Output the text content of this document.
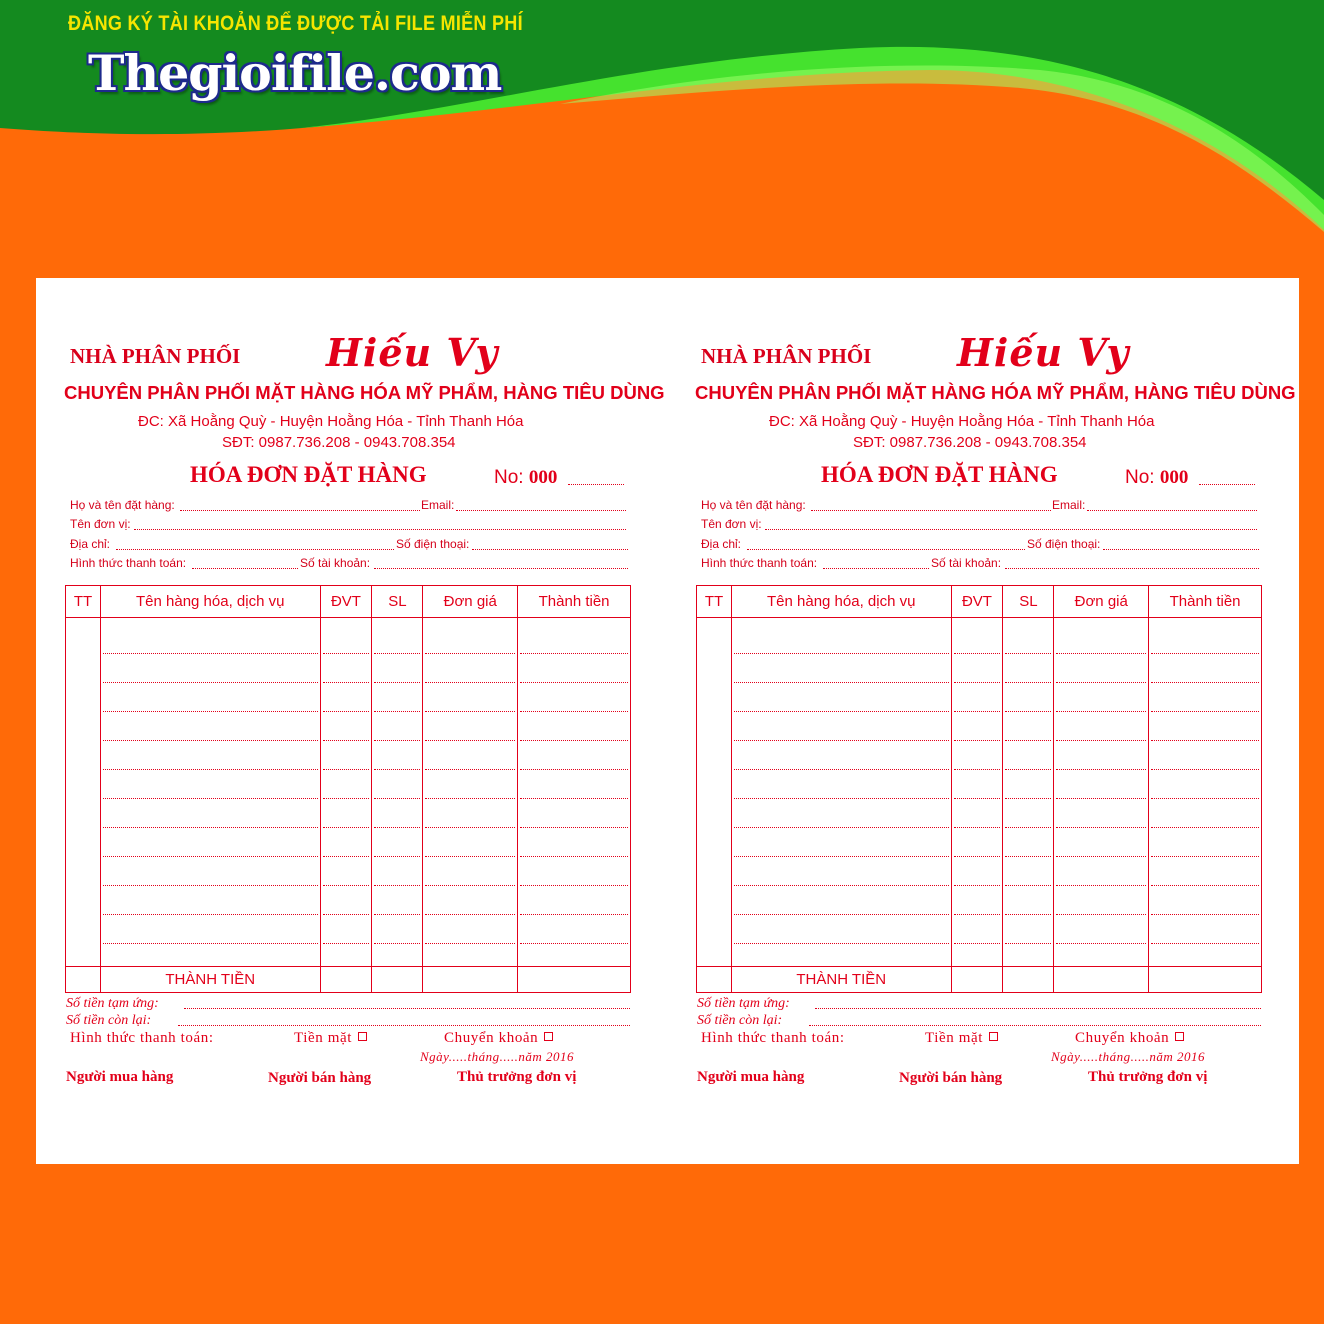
ĐĂNG KÝ TÀI KHOẢN ĐỂ ĐƯỢC TẢI FILE MIỄN PHÍ
Thegioifile.com
NHÀ PHÂN PHỐI Hiếu Vy
CHUYÊN PHÂN PHỐI MẶT HÀNG HÓA MỸ PHẨM, HÀNG TIÊU DÙNG
ĐC: Xã Hoằng Quỳ - Huyện Hoằng Hóa - Tỉnh Thanh Hóa
SĐT: 0987.736.208 - 0943.708.354
HÓA ĐƠN ĐẶT HÀNG	No: 000
Họ và tên đặt hàng:	Email:
Tên đơn vị:
Địa chỉ:	Số điện thoại:
Hình thức thanh toán:	Số tài khoản:
TT	Tên hàng hóa, dịch vụ	ĐVT	SL	Đơn giá	Thành tiền

	THÀNH TIỀN				
Số tiền tạm ứng:
Số tiền còn lại:
Hình thức thanh toán:	Tiền mặt	Chuyển khoản
Ngày.....tháng.....năm 2016
Người mua hàng	Người bán hàng	Thủ trưởng đơn vị
NHÀ PHÂN PHỐI Hiếu Vy
CHUYÊN PHÂN PHỐI MẶT HÀNG HÓA MỸ PHẨM, HÀNG TIÊU DÙNG
ĐC: Xã Hoằng Quỳ - Huyện Hoằng Hóa - Tỉnh Thanh Hóa
SĐT: 0987.736.208 - 0943.708.354
HÓA ĐƠN ĐẶT HÀNG	No: 000
Họ và tên đặt hàng:	Email:
Tên đơn vị:
Địa chỉ:	Số điện thoại:
Hình thức thanh toán:	Số tài khoản:
TT	Tên hàng hóa, dịch vụ	ĐVT	SL	Đơn giá	Thành tiền

	THÀNH TIỀN				
Số tiền tạm ứng:
Số tiền còn lại:
Hình thức thanh toán:	Tiền mặt	Chuyển khoản
Ngày.....tháng.....năm 2016
Người mua hàng	Người bán hàng	Thủ trưởng đơn vị
